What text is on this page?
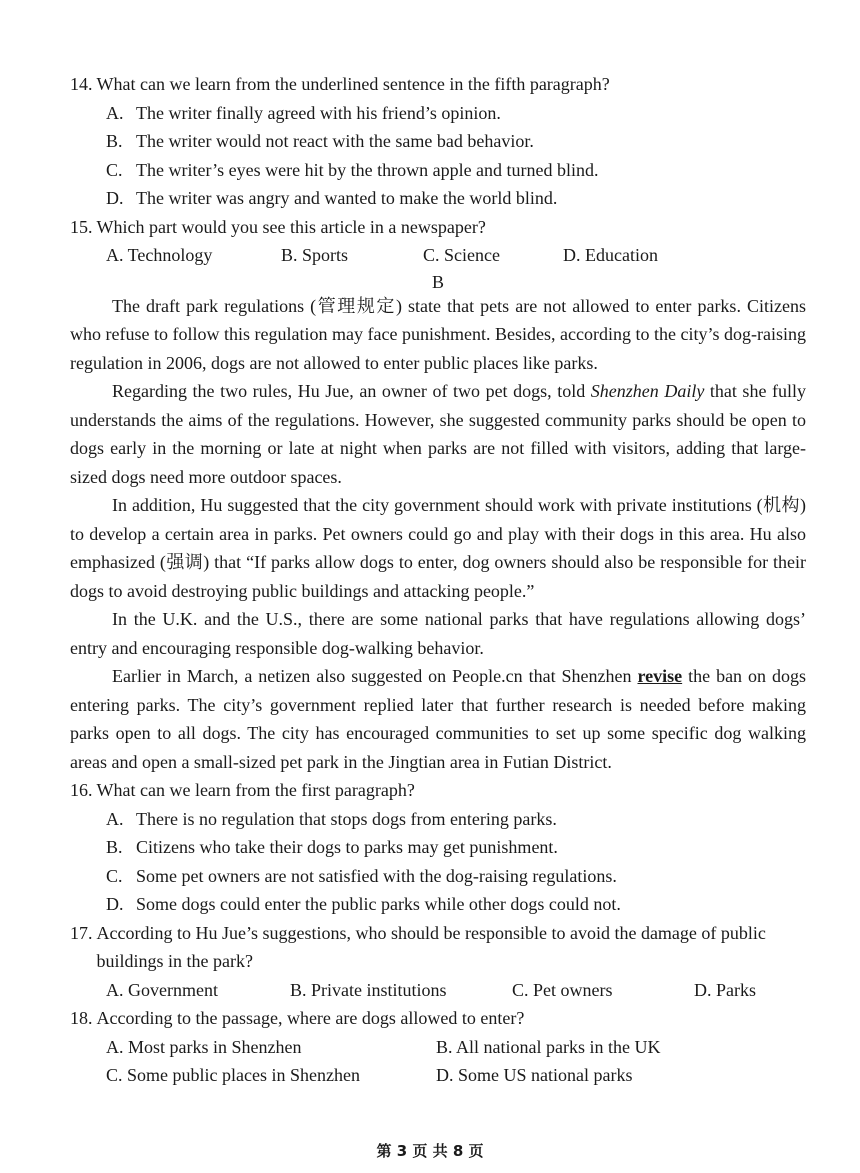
14. What can we learn from the underlined sentence in the fifth paragraph?
A. The writer finally agreed with his friend’s opinion.
B. The writer would not react with the same bad behavior.
C. The writer’s eyes were hit by the thrown apple and turned blind.
D. The writer was angry and wanted to make the world blind.
15. Which part would you see this article in a newspaper?
A. Technology	B. Sports	C. Science	D. Education
B

The draft park regulations (管理规定) state that pets are not allowed to enter parks. Citizens who refuse to follow this regulation may face punishment. Besides, according to the city’s dog-raising regulation in 2006, dogs are not allowed to enter public places like parks.

Regarding the two rules, Hu Jue, an owner of two pet dogs, told Shenzhen Daily that she fully understands the aims of the regulations. However, she suggested community parks should be open to dogs early in the morning or late at night when parks are not filled with visitors, adding that large-sized dogs need more outdoor spaces.

In addition, Hu suggested that the city government should work with private institutions (机构) to develop a certain area in parks. Pet owners could go and play with their dogs in this area. Hu also emphasized (强调) that “If parks allow dogs to enter, dog owners should also be responsible for their dogs to avoid destroying public buildings and attacking people.”

In the U.K. and the U.S., there are some national parks that have regulations allowing dogs’ entry and encouraging responsible dog-walking behavior.

Earlier in March, a netizen also suggested on People.cn that Shenzhen revise the ban on dogs entering parks. The city’s government replied later that further research is needed before making parks open to all dogs. The city has encouraged communities to set up some specific dog walking areas and open a small-sized pet park in the Jingtian area in Futian District.

16. What can we learn from the first paragraph?
A. There is no regulation that stops dogs from entering parks.
B. Citizens who take their dogs to parks may get punishment.
C. Some pet owners are not satisfied with the dog-raising regulations.
D. Some dogs could enter the public parks while other dogs could not.
17. According to Hu Jue’s suggestions, who should be responsible to avoid the damage of public buildings in the park?
A. Government	B. Private institutions	C. Pet owners	D. Parks
18. According to the passage, where are dogs allowed to enter?
A. Most parks in Shenzhen	B. All national parks in the UK
C. Some public places in Shenzhen	D. Some US national parks
第 3 页 共 8 页
